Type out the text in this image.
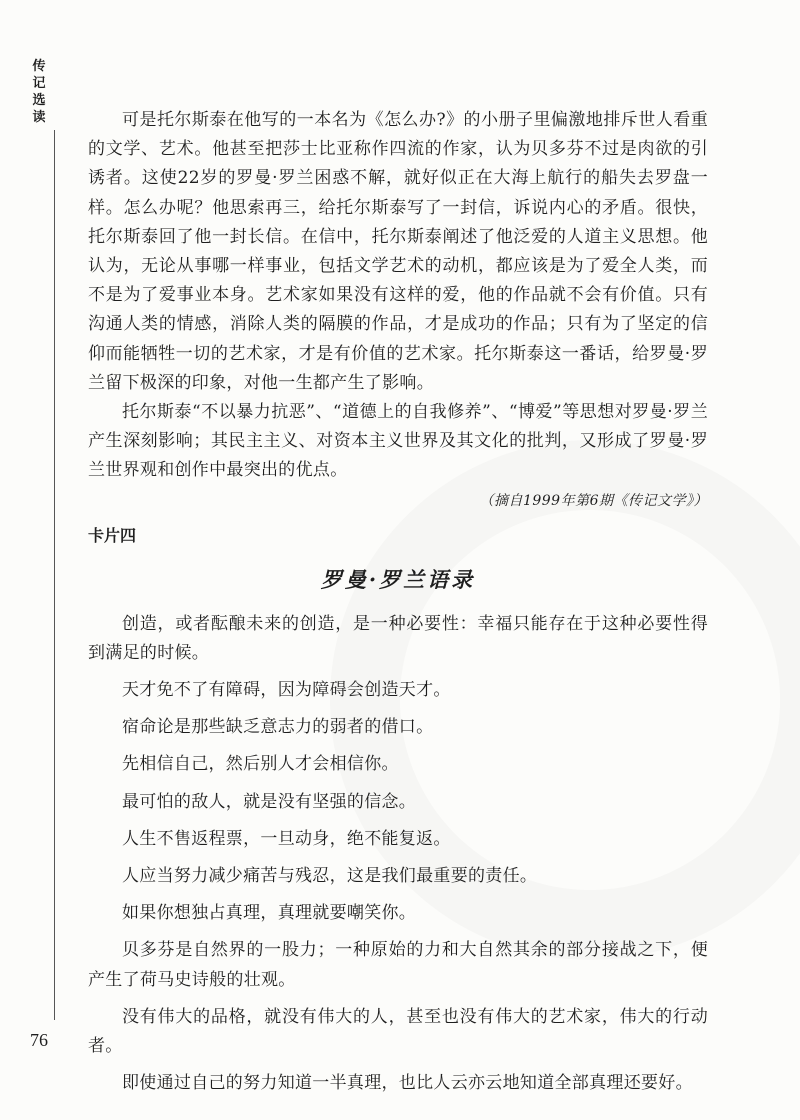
传
记
选
读
76

可是托尔斯泰在他写的一本名为《怎么办?》的小册子里偏激地排斥世人看重的文学、艺术。他甚至把莎士比亚称作四流的作家，认为贝多芬不过是肉欲的引诱者。这使22岁的罗曼·罗兰困惑不解，就好似正在大海上航行的船失去罗盘一样。怎么办呢？他思索再三，给托尔斯泰写了一封信，诉说内心的矛盾。很快，托尔斯泰回了他一封长信。在信中，托尔斯泰阐述了他泛爱的人道主义思想。他认为，无论从事哪一样事业，包括文学艺术的动机，都应该是为了爱全人类，而不是为了爱事业本身。艺术家如果没有这样的爱，他的作品就不会有价值。只有沟通人类的情感，消除人类的隔膜的作品，才是成功的作品；只有为了坚定的信仰而能牺牲一切的艺术家，才是有价值的艺术家。托尔斯泰这一番话，给罗曼·罗兰留下极深的印象，对他一生都产生了影响。

托尔斯泰“不以暴力抗恶”、“道德上的自我修养”、“博爱”等思想对罗曼·罗兰产生深刻影响；其民主主义、对资本主义世界及其文化的批判，又形成了罗曼·罗兰世界观和创作中最突出的优点。

（摘自1999年第6期《传记文学》）

卡片四

罗曼·罗兰语录
创造，或者酝酿未来的创造，是一种必要性：幸福只能存在于这种必要性得到满足的时候。
天才免不了有障碍，因为障碍会创造天才。
宿命论是那些缺乏意志力的弱者的借口。
先相信自己，然后别人才会相信你。
最可怕的敌人，就是没有坚强的信念。
人生不售返程票，一旦动身，绝不能复返。
人应当努力减少痛苦与残忍，这是我们最重要的责任。
如果你想独占真理，真理就要嘲笑你。
贝多芬是自然界的一股力；一种原始的力和大自然其余的部分接战之下，便产生了荷马史诗般的壮观。
没有伟大的品格，就没有伟大的人，甚至也没有伟大的艺术家，伟大的行动者。
即使通过自己的努力知道一半真理，也比人云亦云地知道全部真理还要好。
